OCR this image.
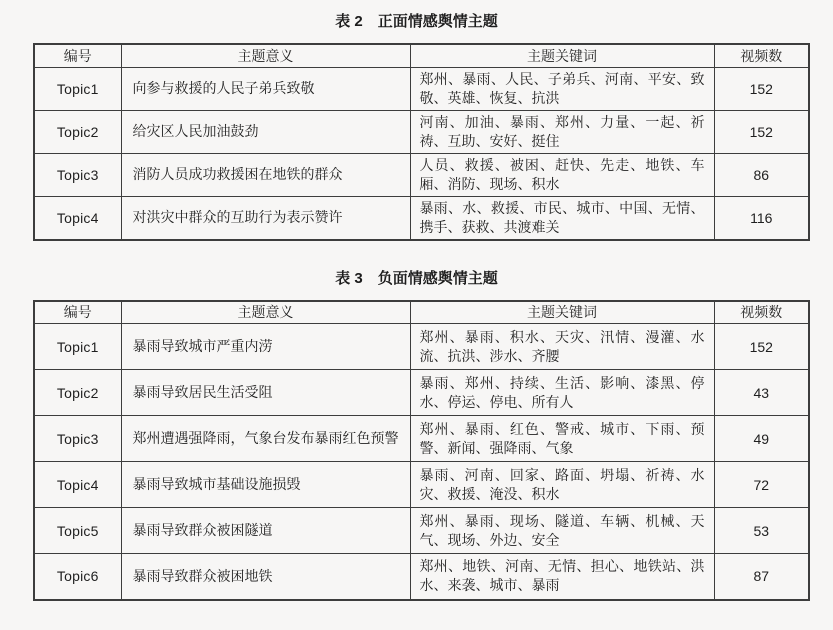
表 2 正面情感舆情主题
编号	主题意义	主题关键词	视频数
Topic1	向参与救援的人民子弟兵致敬	郑州、暴雨、人民、子弟兵、河南、平安、致敬、英雄、恢复、抗洪	152
Topic2	给灾区人民加油鼓劲	河南、加油、暴雨、郑州、力量、一起、祈祷、互助、安好、挺住	152
Topic3	消防人员成功救援困在地铁的群众	人员、救援、被困、赶快、先走、地铁、车厢、消防、现场、积水	86
Topic4	对洪灾中群众的互助行为表示赞许	暴雨、水、救援、市民、城市、中国、无情、携手、获救、共渡难关	116
表 3 负面情感舆情主题
编号	主题意义	主题关键词	视频数
Topic1	暴雨导致城市严重内涝	郑州、暴雨、积水、天灾、汛情、漫灌、水流、抗洪、涉水、齐腰	152
Topic2	暴雨导致居民生活受阻	暴雨、郑州、持续、生活、影响、漆黑、停水、停运、停电、所有人	43
Topic3	郑州遭遇强降雨，气象台发布暴雨红色预警	郑州、暴雨、红色、警戒、城市、下雨、预警、新闻、强降雨、气象	49
Topic4	暴雨导致城市基础设施损毁	暴雨、河南、回家、路面、坍塌、祈祷、水灾、救援、淹没、积水	72
Topic5	暴雨导致群众被困隧道	郑州、暴雨、现场、隧道、车辆、机械、天气、现场、外边、安全	53
Topic6	暴雨导致群众被困地铁	郑州、地铁、河南、无情、担心、地铁站、洪水、来袭、城市、暴雨	87
